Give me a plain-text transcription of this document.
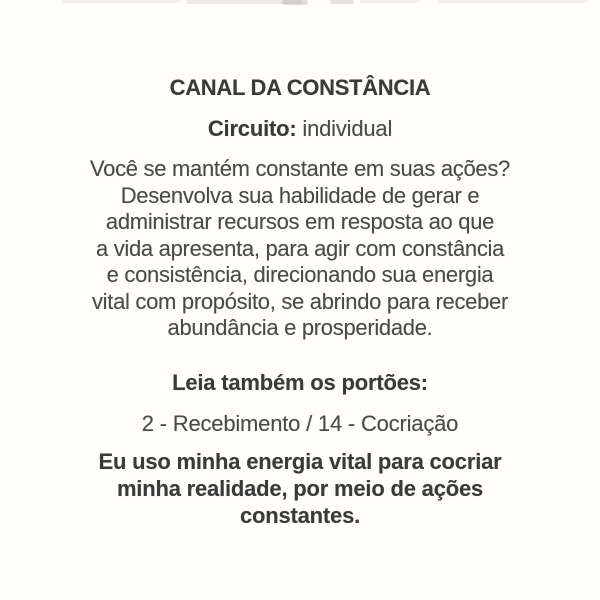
CANAL DA CONSTÂNCIA
Circuito: individual
Você se mantém constante em suas ações?
Desenvolva sua habilidade de gerar e
administrar recursos em resposta ao que
a vida apresenta, para agir com constância
e consistência, direcionando sua energia
vital com propósito, se abrindo para receber
abundância e prosperidade.
Leia também os portões:
2 - Recebimento / 14 - Cocriação
Eu uso minha energia vital para cocriar
minha realidade, por meio de ações
constantes.
